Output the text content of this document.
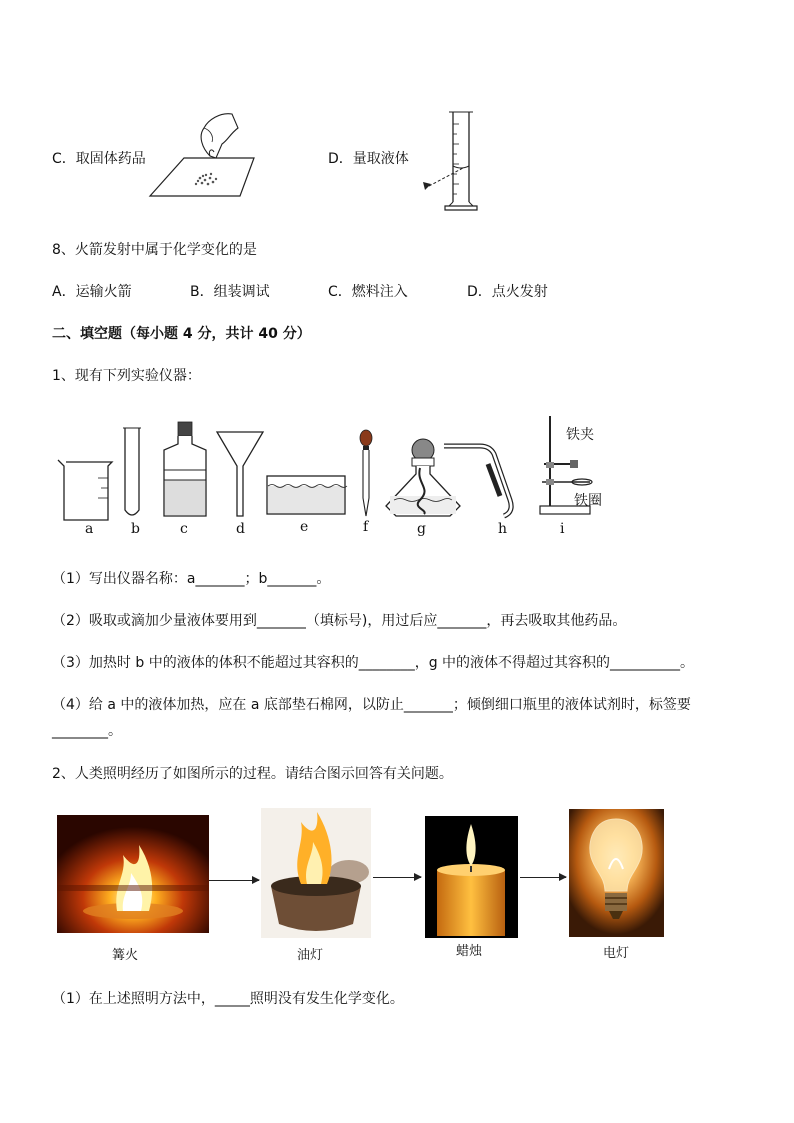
C．取固体药品	D．量取液体
8、火箭发射中属于化学变化的是
A．运输火箭	B．组装调试	C．燃料注入	D．点火发射
二、填空题（每小题 4 分，共计 40 分）
1、现有下列实验仪器：
铁夹
铁圈
a	b	c	d	e	f	g	h	i
（1）写出仪器名称：a_______；b_______。
（2）吸取或滴加少量液体要用到_______（填标号)，用过后应_______，再去吸取其他药品。
（3）加热时 b 中的液体的体积不能超过其容积的________，g 中的液体不得超过其容积的__________。
（4）给 a 中的液体加热，应在 a 底部垫石棉网，以防止_______；倾倒细口瓶里的液体试剂时，标签要
________。
2、人类照明经历了如图所示的过程。请结合图示回答有关问题。
篝火	油灯	蜡烛	电灯
（1）在上述照明方法中，_____照明没有发生化学变化。
